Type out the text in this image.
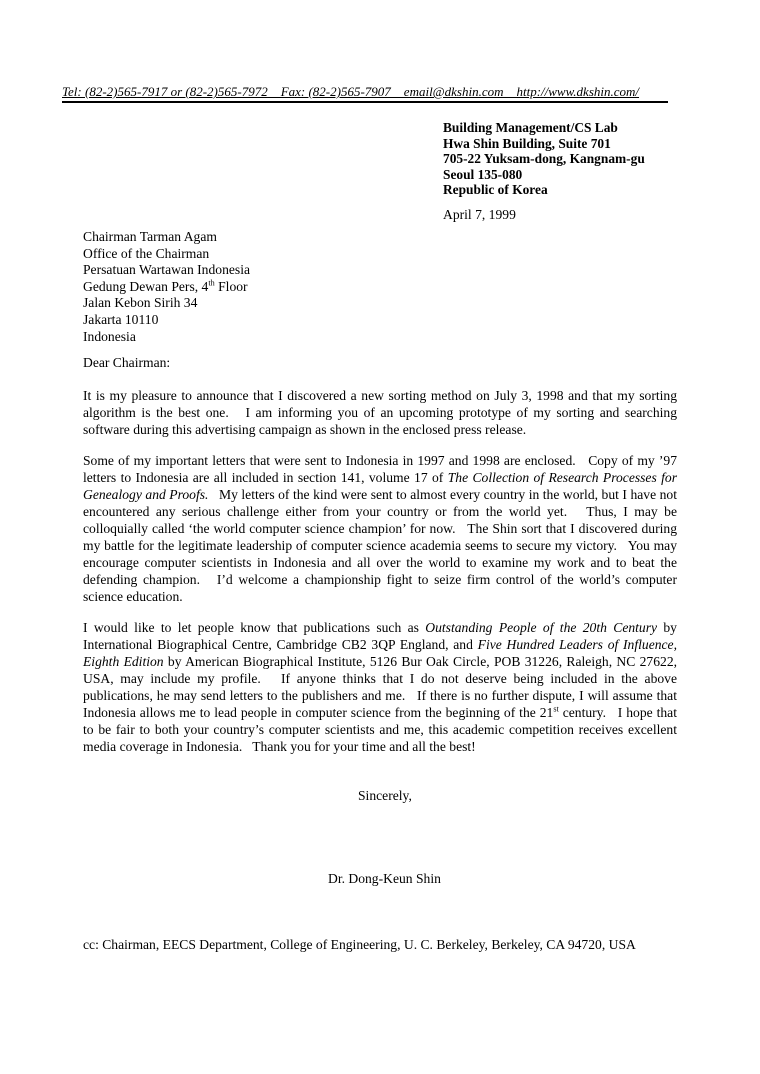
Tel: (82-2)565-7917 or (82-2)565-7972    Fax: (82-2)565-7907    email@dkshin.com    http://www.dkshin.com/
Building Management/CS Lab
Hwa Shin Building, Suite 701
705-22 Yuksam-dong, Kangnam-gu
Seoul 135-080
Republic of Korea
April 7, 1999
Chairman Tarman Agam
Office of the Chairman
Persatuan Wartawan Indonesia
Gedung Dewan Pers, 4th Floor
Jalan Kebon Sirih 34
Jakarta 10110
Indonesia
Dear Chairman:

It is my pleasure to announce that I discovered a new sorting method on July 3, 1998 and that my sorting algorithm is the best one.   I am informing you of an upcoming prototype of my sorting and searching software during this advertising campaign as shown in the enclosed press release.

Some of my important letters that were sent to Indonesia in 1997 and 1998 are enclosed.   Copy of my ’97 letters to Indonesia are all included in section 141, volume 17 of The Collection of Research Processes for Genealogy and Proofs.   My letters of the kind were sent to almost every country in the world, but I have not encountered any serious challenge either from your country or from the world yet.   Thus, I may be colloquially called ‘the world computer science champion’ for now.   The Shin sort that I discovered during my battle for the legitimate leadership of computer science academia seems to secure my victory.   You may encourage computer scientists in Indonesia and all over the world to examine my work and to beat the defending champion.   I’d welcome a championship fight to seize firm control of the world’s computer science education.

I would like to let people know that publications such as Outstanding People of the 20th Century by International Biographical Centre, Cambridge CB2 3QP England, and Five Hundred Leaders of Influence, Eighth Edition by American Biographical Institute, 5126 Bur Oak Circle, POB 31226, Raleigh, NC 27622, USA, may include my profile.   If anyone thinks that I do not deserve being included in the above publications, he may send letters to the publishers and me.   If there is no further dispute, I will assume that Indonesia allows me to lead people in computer science from the beginning of the 21st century.   I hope that to be fair to both your country’s computer scientists and me, this academic competition receives excellent media coverage in Indonesia.   Thank you for your time and all the best!

Sincerely,
Dr. Dong-Keun Shin
cc: Chairman, EECS Department, College of Engineering, U. C. Berkeley, Berkeley, CA 94720, USA
